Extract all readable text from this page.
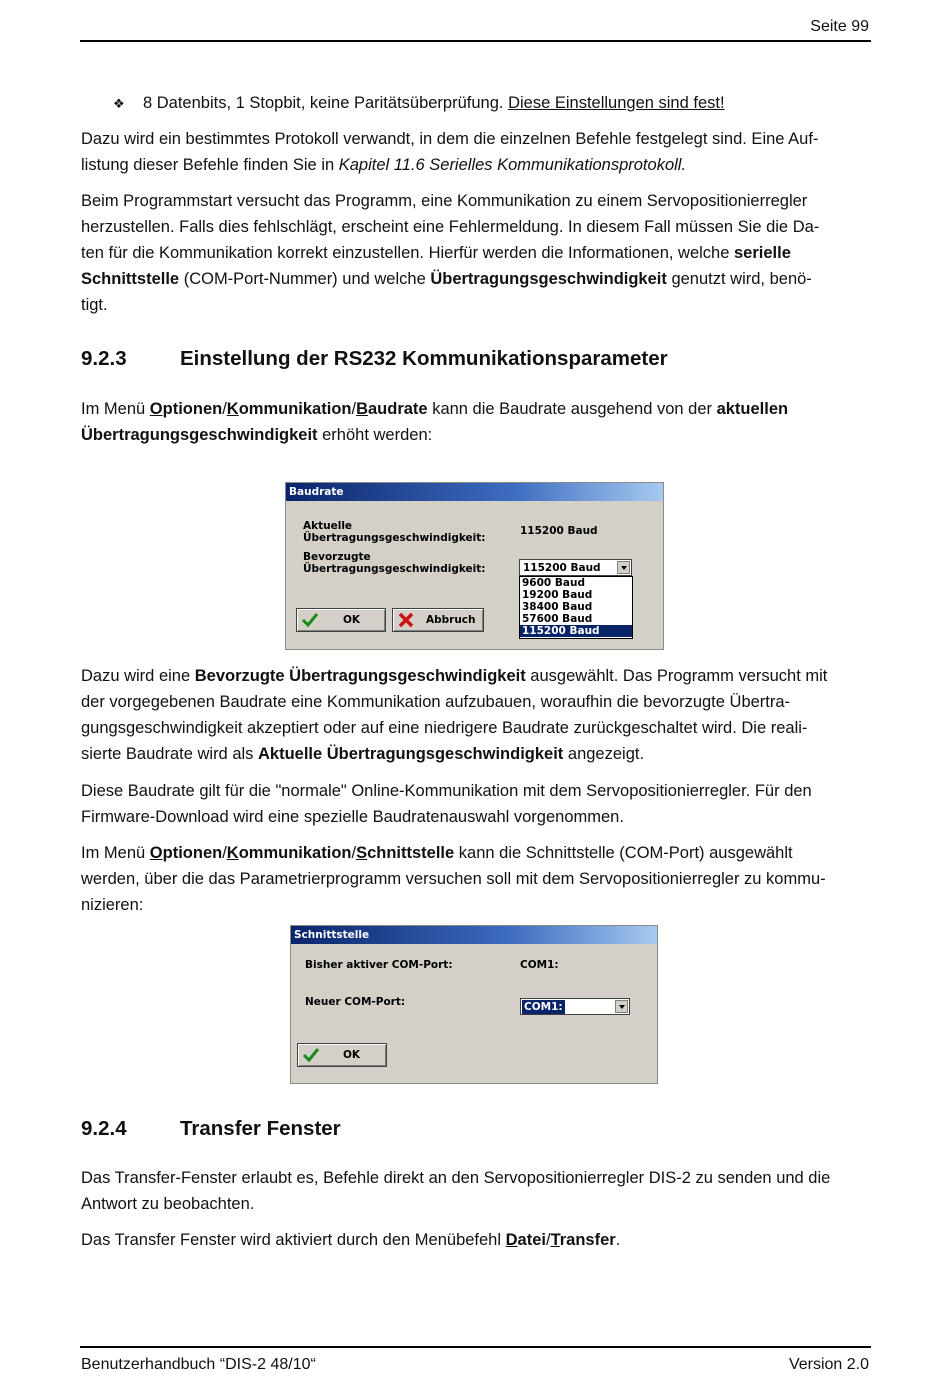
Seite 99
❖ 8 Datenbits, 1 Stopbit, keine Paritätsüberprüfung. Diese Einstellungen sind fest!
Dazu wird ein bestimmtes Protokoll verwandt, in dem die einzelnen Befehle festgelegt sind. Eine Auf-
listung dieser Befehle finden Sie in Kapitel 11.6 Serielles Kommunikationsprotokoll.
Beim Programmstart versucht das Programm, eine Kommunikation zu einem Servopositionierregler
herzustellen. Falls dies fehlschlägt, erscheint eine Fehlermeldung. In diesem Fall müssen Sie die Da-
ten für die Kommunikation korrekt einzustellen. Hierfür werden die Informationen, welche serielle
Schnittstelle (COM-Port-Nummer) und welche Übertragungsgeschwindigkeit genutzt wird, benö-
tigt.
9.2.3	Einstellung der RS232 Kommunikationsparameter
Im Menü Optionen/Kommunikation/Baudrate kann die Baudrate ausgehend von der aktuellen
Übertragungsgeschwindigkeit erhöht werden:
Baudrate
Aktuelle
Übertragungsgeschwindigkeit:
115200 Baud
Bevorzugte
Übertragungsgeschwindigkeit:	115200 Baud
9600 Baud
19200 Baud
38400 Baud
57600 Baud
115200 Baud
OK	Abbruch
Dazu wird eine Bevorzugte Übertragungsgeschwindigkeit ausgewählt. Das Programm versucht mit
der vorgegebenen Baudrate eine Kommunikation aufzubauen, woraufhin die bevorzugte Übertra-
gungsgeschwindigkeit akzeptiert oder auf eine niedrigere Baudrate zurückgeschaltet wird. Die reali-
sierte Baudrate wird als Aktuelle Übertragungsgeschwindigkeit angezeigt.
Diese Baudrate gilt für die "normale" Online-Kommunikation mit dem Servopositionierregler. Für den
Firmware-Download wird eine spezielle Baudratenauswahl vorgenommen.
Im Menü Optionen/Kommunikation/Schnittstelle kann die Schnittstelle (COM-Port) ausgewählt
werden, über die das Parametrierprogramm versuchen soll mit dem Servopositionierregler zu kommu-
nizieren:
Schnittstelle
Bisher aktiver COM-Port:	COM1:
Neuer COM-Port:	COM1:
OK
9.2.4	Transfer Fenster
Das Transfer-Fenster erlaubt es, Befehle direkt an den Servopositionierregler DIS-2 zu senden und die
Antwort zu beobachten.
Das Transfer Fenster wird aktiviert durch den Menübefehl Datei/Transfer.
Benutzerhandbuch “DIS-2 48/10“	Version 2.0
